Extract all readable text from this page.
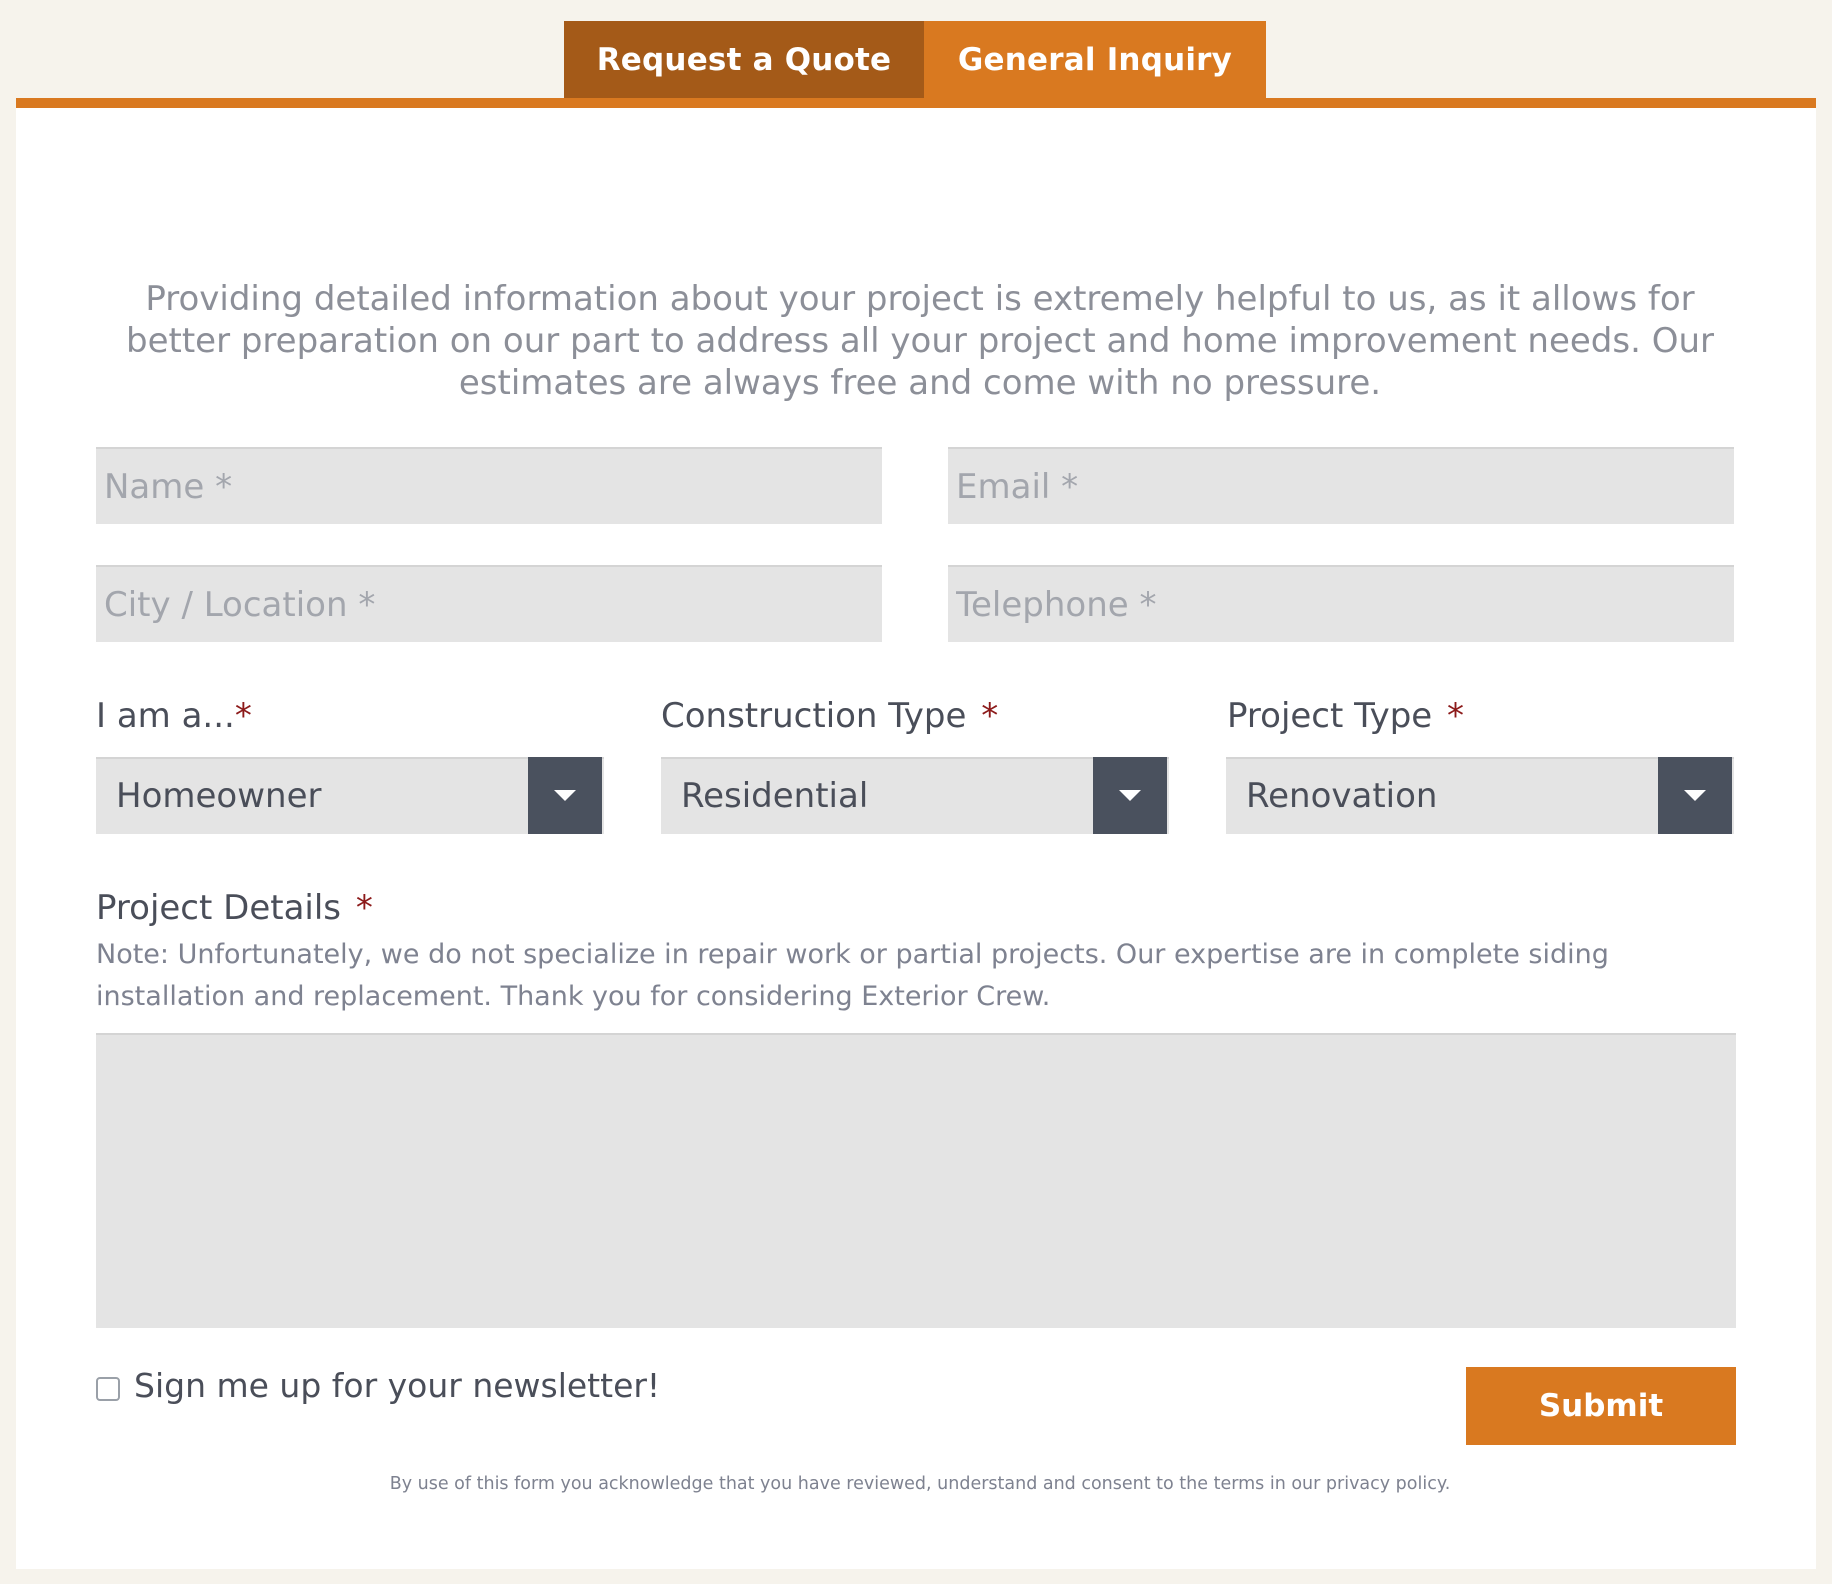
Request a Quote	General Inquiry

Providing detailed information about your project is extremely helpful to us, as it allows for better preparation on our part to address all your project and home improvement needs. Our estimates are always free and come with no pressure.

Name *
Email *
City / Location *
Telephone *

I am a...*	Construction Type *	Project Type *

Homeowner	Residential	Renovation

Project Details *

Note: Unfortunately, we do not specialize in repair work or partial projects. Our expertise are in complete siding installation and replacement. Thank you for considering Exterior Crew.

Sign me up for your newsletter!
Submit

By use of this form you acknowledge that you have reviewed, understand and consent to the terms in our privacy policy.
